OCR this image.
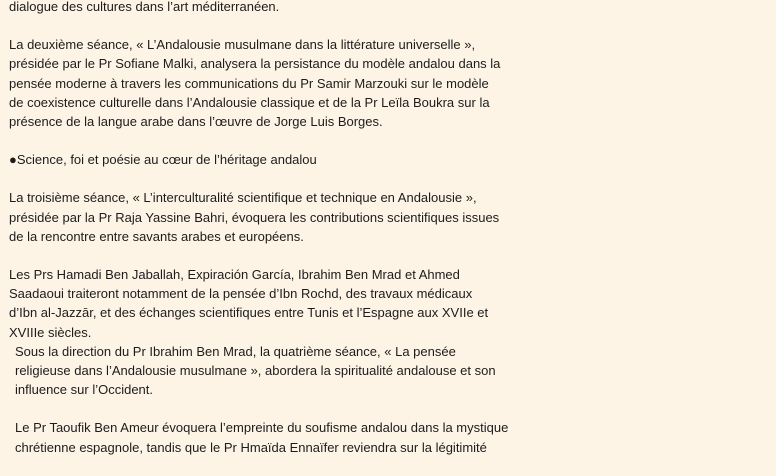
dialogue des cultures dans l’art méditerranéen.

La deuxième séance, « L’Andalousie musulmane dans la littérature universelle »,
présidée par le Pr Sofiane Malki, analysera la persistance du modèle andalou dans la
pensée moderne à travers les communications du Pr Samir Marzouki sur le modèle
de coexistence culturelle dans l’Andalousie classique et de la Pr Leïla Boukra sur la
présence de la langue arabe dans l’œuvre de Jorge Luis Borges.

●Science, foi et poésie au cœur de l’héritage andalou

La troisième séance, « L’interculturalité scientifique et technique en Andalousie »,
présidée par la Pr Raja Yassine Bahri, évoquera les contributions scientifiques issues
de la rencontre entre savants arabes et européens.

Les Prs Hamadi Ben Jaballah, Expiración García, Ibrahim Ben Mrad et Ahmed
Saadaoui traiteront notamment de la pensée d’Ibn Rochd, des travaux médicaux
d’Ibn al-Jazzār, et des échanges scientifiques entre Tunis et l’Espagne aux XVIIe et
XVIIIe siècles.

Sous la direction du Pr Ibrahim Ben Mrad, la quatrième séance, « La pensée
religieuse dans l’Andalousie musulmane », abordera la spiritualité andalouse et son
influence sur l’Occident.

Le Pr Taoufik Ben Ameur évoquera l’empreinte du soufisme andalou dans la mystique
chrétienne espagnole, tandis que le Pr Hmaïda Ennaïfer reviendra sur la légitimité
